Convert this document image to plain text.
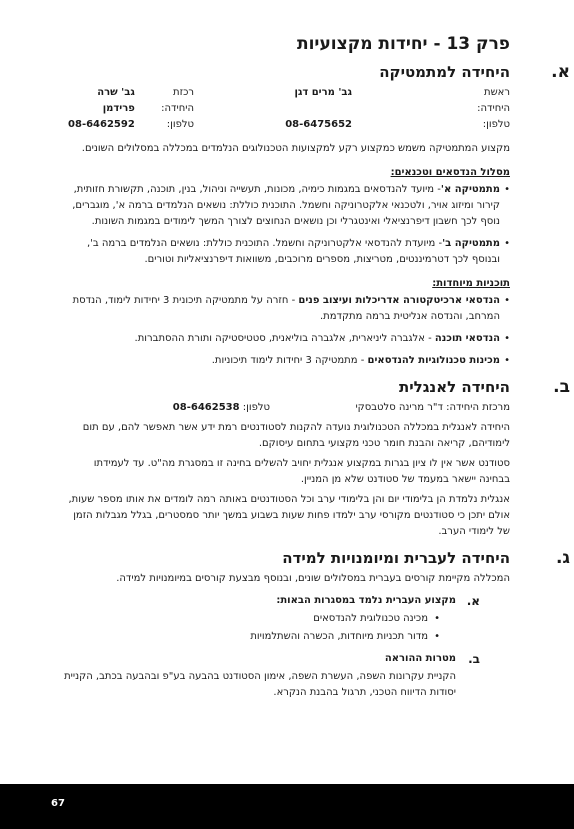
פרק 13 - יחידות מקצועיות
א.
היחידה למתמטיקה
ראשת היחידה:
גב' מרים דגן
רכזת היחידה:

גב' שרה פרידמן
טלפון:
08-6475652
טלפון:

08-6462592

מקצוע המתמטיקה משמש כמקצוע רקע למקצועות הטכנולוגים הנלמדים במכללה במסלולים השונים.

מסלול הנדסאים וטכנאים:
•
מתמטיקה א'- מיועד להנדסאים במגמות כימיה, מכונות, תעשייה וניהול, בנין, תוכנה, תקשורת חזותית, קירור ומיזוג אויר, ולטכנאי אלקטרוניקה וחשמל. התוכנית כוללת: נושאים הנלמדים ברמה א', מוגברים, נוסף לכך חשבון דיפרנציאלי ואינטגרלי וכן נושאים הנחוצים לצורך המשך לימודים במגמות השונות.
•
מתמטיקה ב'- מיועדת להנדסאי אלקטרוניקה וחשמל. התוכנית כוללת: נושאים הנלמדים ברמה ב', ובנוסף לכך דטרמיננטים, מטריצות, מספרים מרוכבים, משוואות דיפרנציאליות וטורים.
תוכניות מיוחדות:
•
הנדסאי ארכיטקטורה אדריכלות ועיצוב פנים - חזרה על מתמטיקה תיכונית 3 יחידות לימוד, הנדסת המרחב, והנדסה אנליטית ברמה מתקדמת.
•
הנדסאי תוכנה - אלגברה ליניארית, אלגברה בוליאנית, סטטיסטיקה ותורת ההסתברות.
•
מכינות טכנולוגיות להנדסאים - מתמטיקה 3 יחידות לימוד תיכוניות.
ב.
היחידה לאנגלית
מרכזת היחידה:

ד"ר מרינה סלטבסקי
טלפון:

08-6462538

היחידה לאנגלית במכללה הטכנולוגית נועדה להקנות לסטודנטים רמת ידע אשר תאפשר להם, עם תום לימודיהם, קריאה והבנת חומר טכני מקצועי בתחום עיסוקם.

סטודנט אשר אין לו ציון בגרות במקצוע אנגלית יחויב להשלים בחינה זו במסגרת מה"ט. עד לעמידתו בבחינה יישאר במעמד של סטודנט שלא מן המניין.

אנגלית נלמדת הן בלימודי יום והן בלימודי ערב וכל הסטודנטים באותה רמה לומדים את אותו מספר שעות, אולם יתכן כי סטודנטים מקורסי ערב ילמדו פחות שעות בשבוע במשך יותר סמסטרים, בגלל מגבלות הזמן של לימודי הערב.

ג.
היחידה לעברית ומיומנויות למידה

המכללה מקיימת קורסים בעברית במסלולים שונים, ובנוסף מבצעת קורסים במיומנויות למידה.

א.
מקצוע העברית נלמד במסגרות הבאות:
•
מכינה טכנולוגית להנדסאים
•
מדור תכניות מיוחדות, הכשרה והשתלמויות
ב.
מטרות ההוראה

הקניית עקרונות השפה, העשרת השפה, אימון הסטודנט בהבעה בע"פ ובהבעה בכתב, הקניית יסודות הדיווח הטכני, תרגול בהבנת הנקרא.

67
